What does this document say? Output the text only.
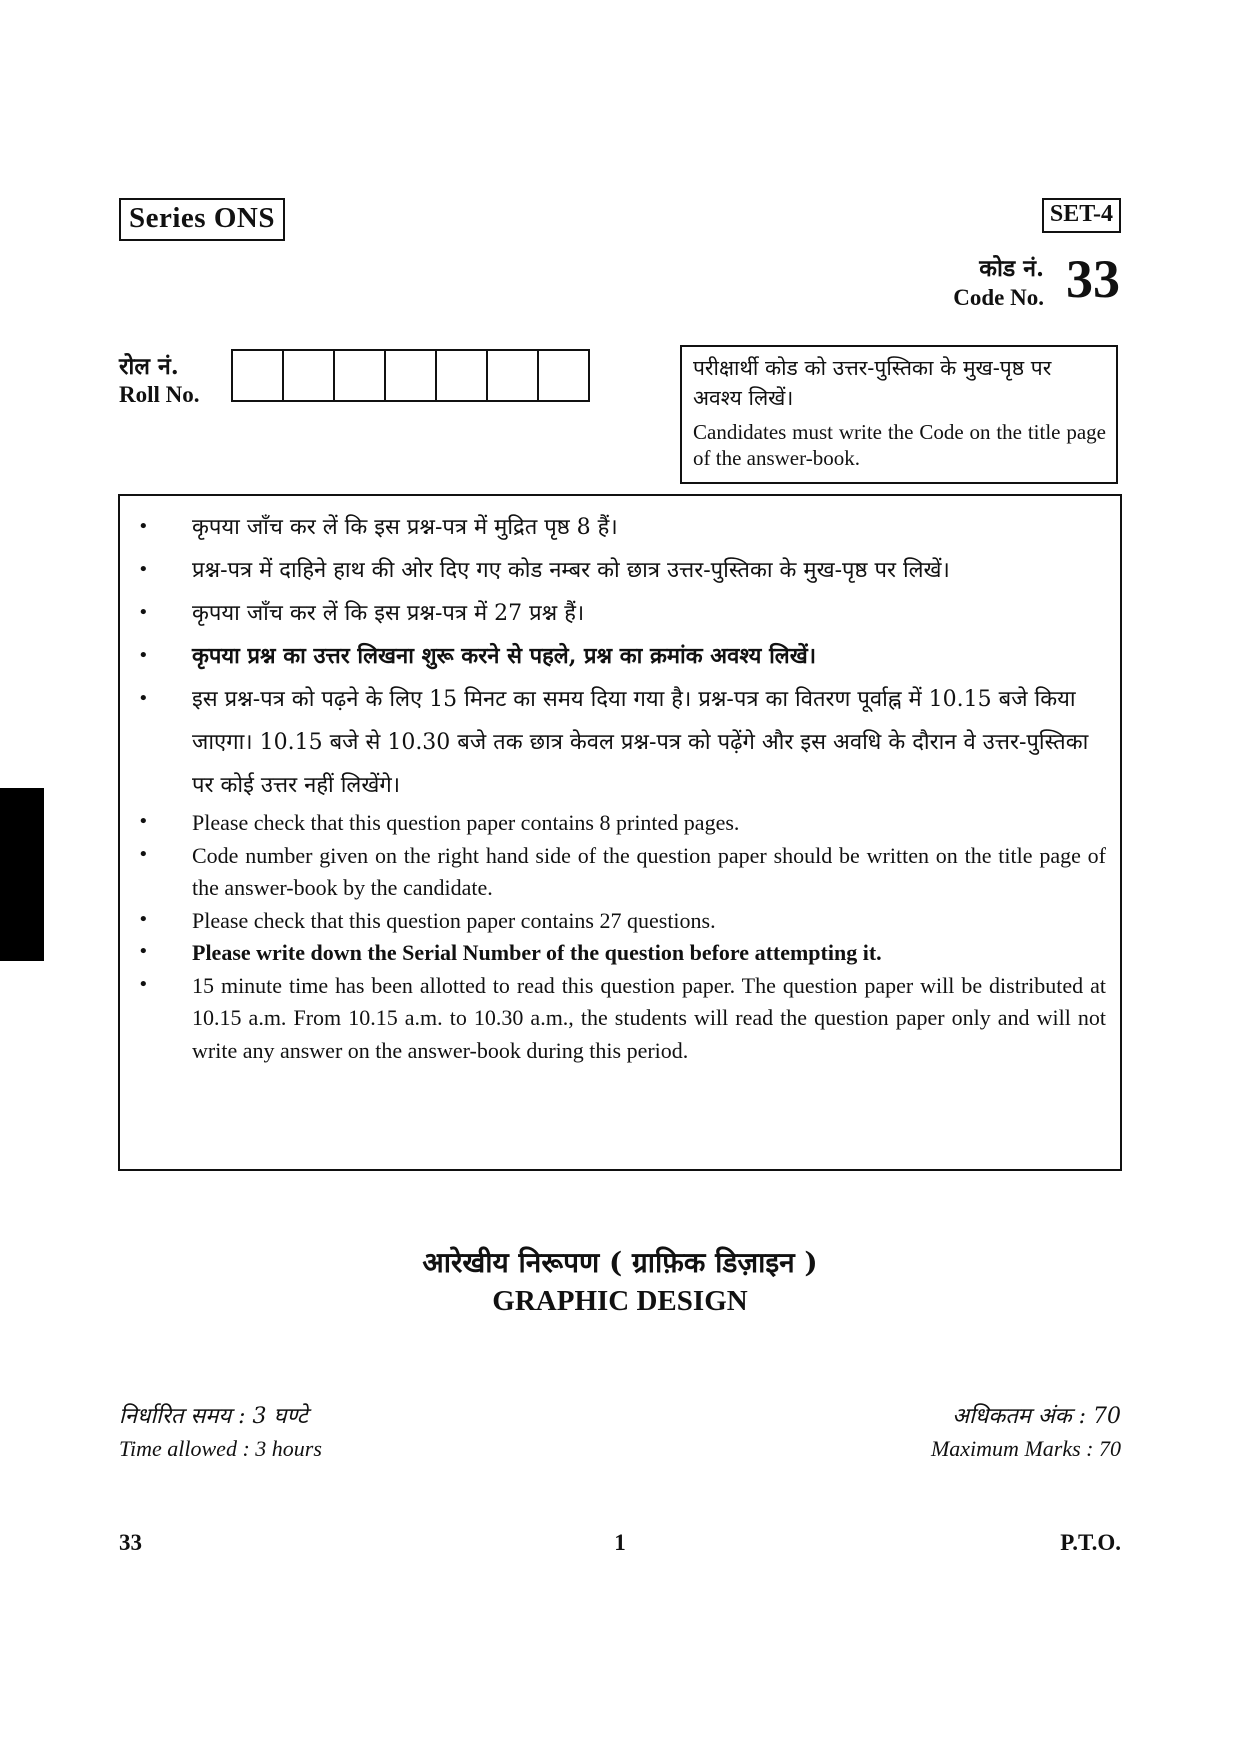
Series ONS	SET-4
कोड नं.
Code No. 33
रोल नं.
Roll No.
परीक्षार्थी कोड को उत्तर-पुस्तिका के मुख-पृष्ठ पर अवश्य लिखें।
Candidates must write the Code on the title page of the answer-book.
• कृपया जाँच कर लें कि इस प्रश्न-पत्र में मुद्रित पृष्ठ 8 हैं।
• प्रश्न-पत्र में दाहिने हाथ की ओर दिए गए कोड नम्बर को छात्र उत्तर-पुस्तिका के मुख-पृष्ठ पर लिखें।
• कृपया जाँच कर लें कि इस प्रश्न-पत्र में 27 प्रश्न हैं।
• कृपया प्रश्न का उत्तर लिखना शुरू करने से पहले, प्रश्न का क्रमांक अवश्य लिखें।
• इस प्रश्न-पत्र को पढ़ने के लिए 15 मिनट का समय दिया गया है। प्रश्न-पत्र का वितरण पूर्वाह्न में 10.15 बजे किया जाएगा। 10.15 बजे से 10.30 बजे तक छात्र केवल प्रश्न-पत्र को पढ़ेंगे और इस अवधि के दौरान वे उत्तर-पुस्तिका पर कोई उत्तर नहीं लिखेंगे।
• Please check that this question paper contains 8 printed pages.
• Code number given on the right hand side of the question paper should be written on the title page of the answer-book by the candidate.
• Please check that this question paper contains 27 questions.
• Please write down the Serial Number of the question before attempting it.
• 15 minute time has been allotted to read this question paper. The question paper will be distributed at 10.15 a.m. From 10.15 a.m. to 10.30 a.m., the students will read the question paper only and will not write any answer on the answer-book during this period.
आरेखीय निरूपण ( ग्राफ़िक डिज़ाइन )
GRAPHIC DESIGN
निर्धारित समय : 3 घण्टे
Time allowed : 3 hours
अधिकतम अंक : 70
Maximum Marks : 70
33	1	P.T.O.
